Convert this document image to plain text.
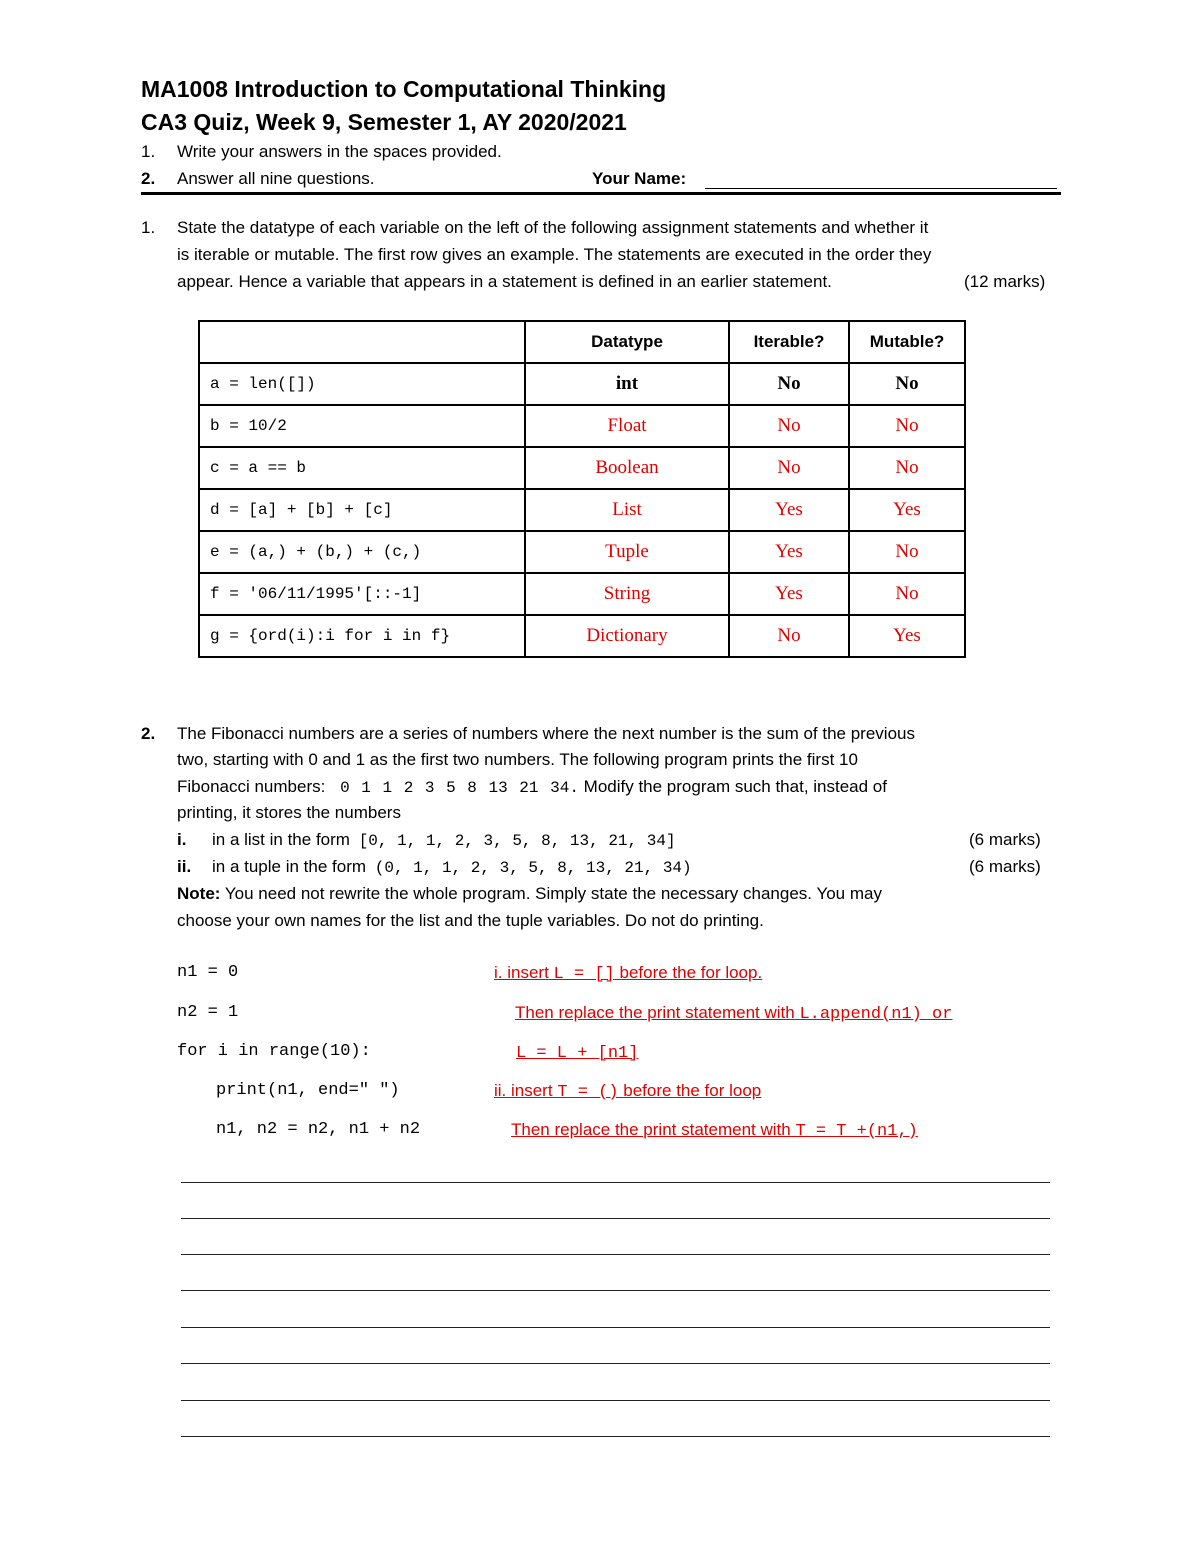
MA1008 Introduction to Computational Thinking
CA3 Quiz, Week 9, Semester 1, AY 2020/2021
1. Write your answers in the spaces provided.
2. Answer all nine questions.	Your Name:
1. State the datatype of each variable on the left of the following assignment statements and whether it
is iterable or mutable. The first row gives an example. The statements are executed in the order they
appear. Hence a variable that appears in a statement is defined in an earlier statement.	(12 marks)
	Datatype	Iterable?	Mutable?
a = len([])	int	No	No
b = 10/2	Float	No	No
c = a == b	Boolean	No	No
d = [a] + [b] + [c]	List	Yes	Yes
e = (a,) + (b,) + (c,)	Tuple	Yes	No
f = '06/11/1995'[::-1]	String	Yes	No
g = {ord(i):i for i in f}	Dictionary	No	Yes
2. The Fibonacci numbers are a series of numbers where the next number is the sum of the previous
two, starting with 0 and 1 as the first two numbers. The following program prints the first 10
Fibonacci numbers: 0 1 1 2 3 5 8 13 21 34. Modify the program such that, instead of
printing, it stores the numbers
i. in a list in the form [0, 1, 1, 2, 3, 5, 8, 13, 21, 34]	(6 marks)
ii. in a tuple in the form (0, 1, 1, 2, 3, 5, 8, 13, 21, 34)	(6 marks)
Note: You need not rewrite the whole program. Simply state the necessary changes. You may
choose your own names for the list and the tuple variables. Do not do printing.
n1 = 0
n2 = 1
for i in range(10):
print(n1, end=" ")
n1, n2 = n2, n1 + n2
i. insert L = [] before the for loop.
Then replace the print statement with L.append(n1) or
L = L + [n1]
ii. insert T = () before the for loop
Then replace the print statement with T = T +(n1,)
